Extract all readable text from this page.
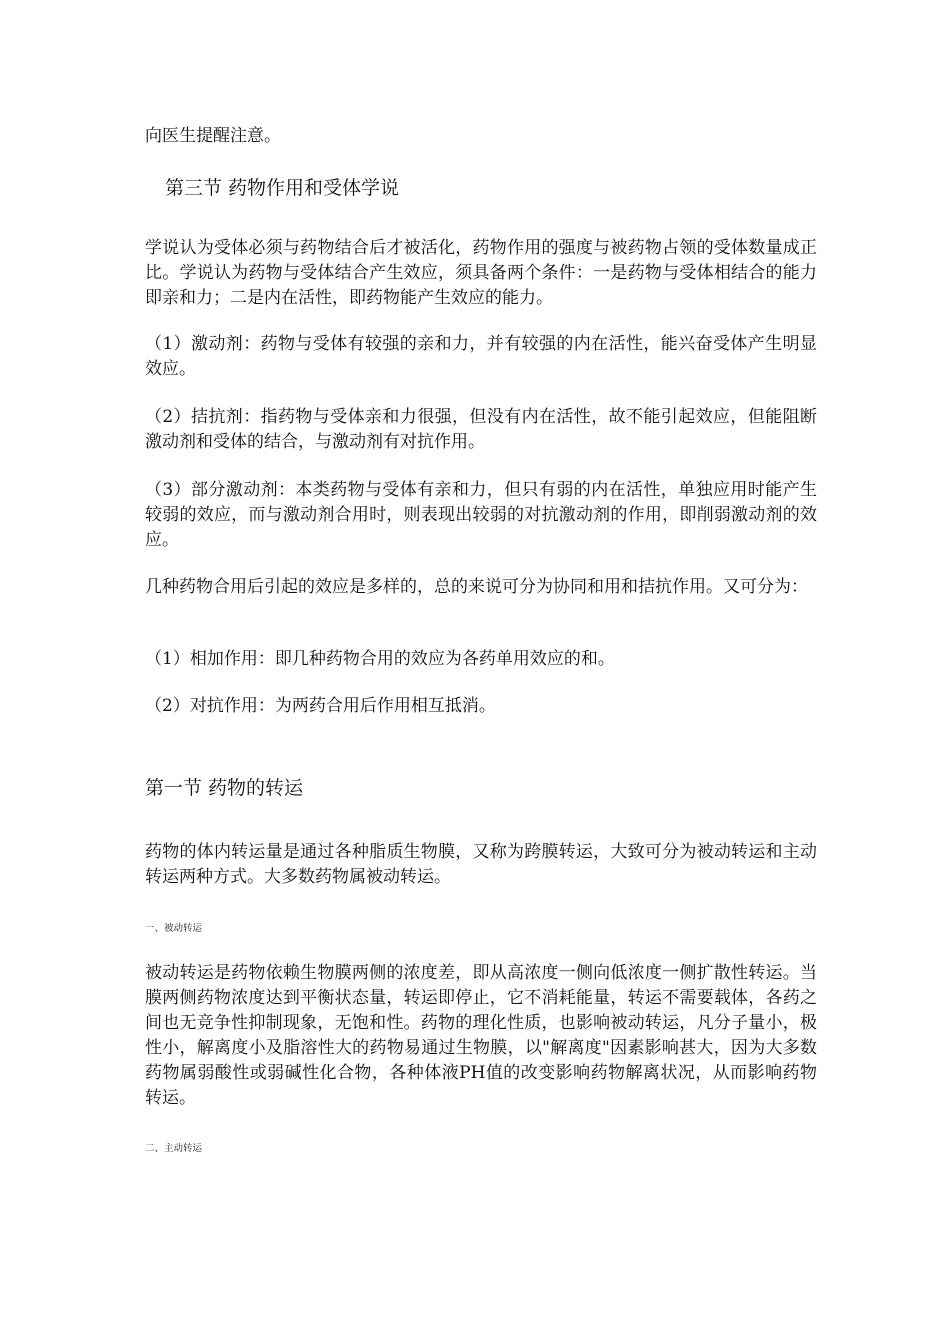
向医生提醒注意。

第三节 药物作用和受体学说

学说认为受体必须与药物结合后才被活化，药物作用的强度与被药物占领的受体数量成正比。学说认为药物与受体结合产生效应，须具备两个条件：一是药物与受体相结合的能力即亲和力；二是内在活性，即药物能产生效应的能力。

（1）激动剂：药物与受体有较强的亲和力，并有较强的内在活性，能兴奋受体产生明显效应。

（2）拮抗剂：指药物与受体亲和力很强，但没有内在活性，故不能引起效应，但能阻断激动剂和受体的结合，与激动剂有对抗作用。

（3）部分激动剂：本类药物与受体有亲和力，但只有弱的内在活性，单独应用时能产生较弱的效应，而与激动剂合用时，则表现出较弱的对抗激动剂的作用，即削弱激动剂的效应。

几种药物合用后引起的效应是多样的，总的来说可分为协同和用和拮抗作用。又可分为：

（1）相加作用：即几种药物合用的效应为各药单用效应的和。

（2）对抗作用：为两药合用后作用相互抵消。

第一节 药物的转运

药物的体内转运量是通过各种脂质生物膜，又称为跨膜转运，大致可分为被动转运和主动转运两种方式。大多数药物属被动转运。

一、被动转运

被动转运是药物依赖生物膜两侧的浓度差，即从高浓度一侧向低浓度一侧扩散性转运。当膜两侧药物浓度达到平衡状态量，转运即停止，它不消耗能量，转运不需要载体，各药之间也无竞争性抑制现象，无饱和性。药物的理化性质，也影响被动转运，凡分子量小，极性小，解离度小及脂溶性大的药物易通过生物膜，以"解离度"因素影响甚大，因为大多数药物属弱酸性或弱碱性化合物，各种体液PH值的改变影响药物解离状况，从而影响药物转运。

二、主动转运
